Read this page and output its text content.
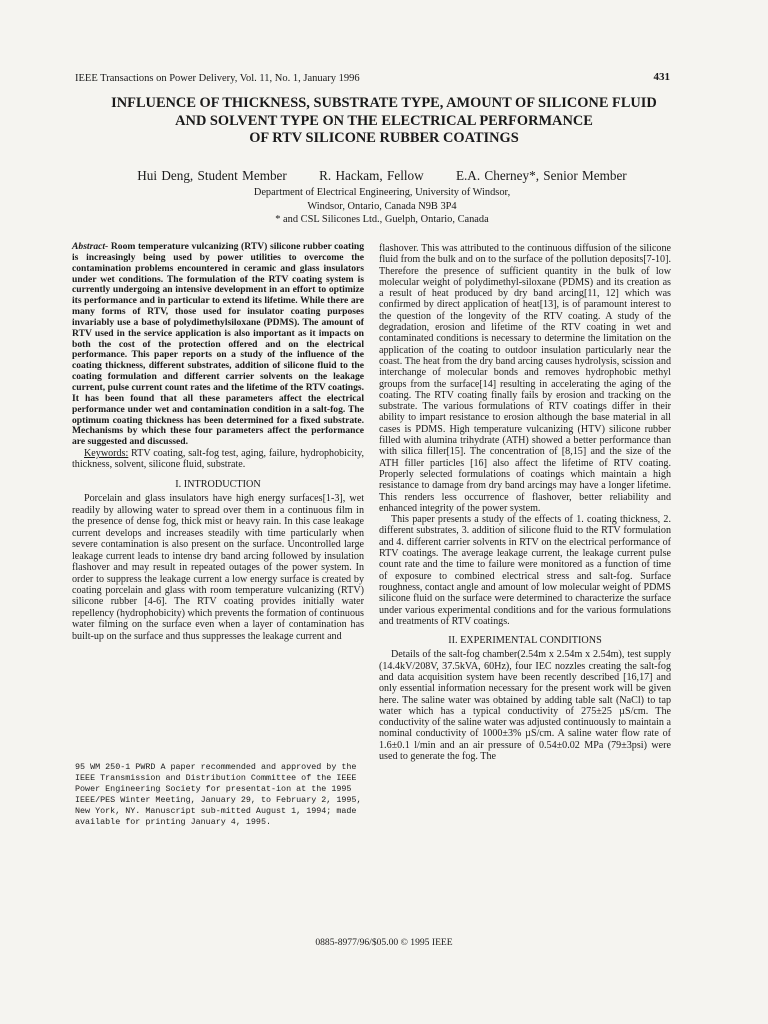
IEEE Transactions on Power Delivery, Vol. 11, No. 1, January 1996	431
INFLUENCE OF THICKNESS, SUBSTRATE TYPE, AMOUNT OF SILICONE FLUID
AND SOLVENT TYPE ON THE ELECTRICAL PERFORMANCE
OF RTV SILICONE RUBBER COATINGS
Hui Deng, Student Member R. Hackam, Fellow E.A. Cherney*, Senior Member
Department of Electrical Engineering, University of Windsor,
Windsor, Ontario, Canada N9B 3P4
* and CSL Silicones Ltd., Guelph, Ontario, Canada

Abstract- Room temperature vulcanizing (RTV) silicone rubber coating is increasingly being used by power utilities to overcome the contamination problems encountered in ceramic and glass insulators under wet conditions. The formulation of the RTV coating system is currently undergoing an intensive development in an effort to optimize its performance and in particular to extend its lifetime. While there are many forms of RTV, those used for insulator coating purposes invariably use a base of polydimethylsiloxane (PDMS). The amount of RTV used in the service application is also important as it impacts on both the cost of the protection offered and on the electrical performance. This paper reports on a study of the influence of the coating thickness, different substrates, addition of silicone fluid to the coating formulation and different carrier solvents on the leakage current, pulse current count rates and the lifetime of the RTV coatings. It has been found that all these parameters affect the electrical performance under wet and contamination condition in a salt-fog. The optimum coating thickness has been determined for a fixed substrate. Mechanisms by which these four parameters affect the performance are suggested and discussed.

Keywords: RTV coating, salt-fog test, aging, failure, hydrophobicity, thickness, solvent, silicone fluid, substrate.

I. INTRODUCTION

Porcelain and glass insulators have high energy surfaces[1-3], wet readily by allowing water to spread over them in a continuous film in the presence of dense fog, thick mist or heavy rain. In this case leakage current develops and increases steadily with time particularly when severe contamination is also present on the surface. Uncontrolled large leakage current leads to intense dry band arcing followed by insulation flashover and may result in repeated outages of the power system. In order to suppress the leakage current a low energy surface is created by coating porcelain and glass with room temperature vulcanizing (RTV) silicone rubber [4-6]. The RTV coating provides initially water repellency (hydrophobicity) which prevents the formation of continuous water filming on the surface even when a layer of contamination has built-up on the surface and thus suppresses the leakage current and

95 WM 250-1 PWRD A paper recommended and approved by the IEEE Transmission and Distribution Committee of the IEEE Power Engineering Society for presentat-ion at the 1995 IEEE/PES Winter Meeting, January 29, to February 2, 1995, New York, NY. Manuscript sub-mitted August 1, 1994; made available for printing January 4, 1995.

flashover. This was attributed to the continuous diffusion of the silicone fluid from the bulk and on to the surface of the pollution deposits[7-10]. Therefore the presence of sufficient quantity in the bulk of low molecular weight of polydimethyl-siloxane (PDMS) and its creation as a result of heat produced by dry band arcing[11, 12] which was confirmed by direct application of heat[13], is of paramount interest to the question of the longevity of the RTV coating. A study of the degradation, erosion and lifetime of the RTV coating in wet and contaminated conditions is necessary to determine the limitation on the application of the coating to outdoor insulation particularly near the coast. The heat from the dry band arcing causes hydrolysis, scission and interchange of molecular bonds and removes hydrophobic methyl groups from the surface[14] resulting in accelerating the aging of the coating. The RTV coating finally fails by erosion and tracking on the substrate. The various formulations of RTV coatings differ in their ability to impart resistance to erosion although the base material in all cases is PDMS. High temperature vulcanizing (HTV) silicone rubber filled with alumina trihydrate (ATH) showed a better performance than with silica filler[15]. The concentration of [8,15] and the size of the ATH filler particles [16] also affect the lifetime of RTV coating. Properly selected formulations of coatings which maintain a high resistance to damage from dry band arcings may have a longer lifetime. This renders less occurrence of flashover, better reliability and enhanced integrity of the power system.

This paper presents a study of the effects of 1. coating thickness, 2. different substrates, 3. addition of silicone fluid to the RTV formulation and 4. different carrier solvents in RTV on the electrical performance of RTV coatings. The average leakage current, the leakage current pulse count rate and the time to failure were monitored as a function of time of exposure to combined electrical stress and salt-fog. Surface roughness, contact angle and amount of low molecular weight of PDMS silicone fluid on the surface were determined to characterize the surface under various experimental conditions and for the various formulations and treatments of RTV coatings.

II. EXPERIMENTAL CONDITIONS

Details of the salt-fog chamber(2.54m x 2.54m x 2.54m), test supply (14.4kV/208V, 37.5kVA, 60Hz), four IEC nozzles creating the salt-fog and data acquisition system have been recently described [16,17] and only essential information necessary for the present work will be given here. The saline water was obtained by adding table salt (NaCl) to tap water which has a typical conductivity of 275±25 µS/cm. The conductivity of the saline water was adjusted continuously to maintain a nominal conductivity of 1000±3% µS/cm. A saline water flow rate of 1.6±0.1 l/min and an air pressure of 0.54±0.02 MPa (79±3psi) were used to generate the fog. The

0885-8977/96/$05.00 © 1995 IEEE
